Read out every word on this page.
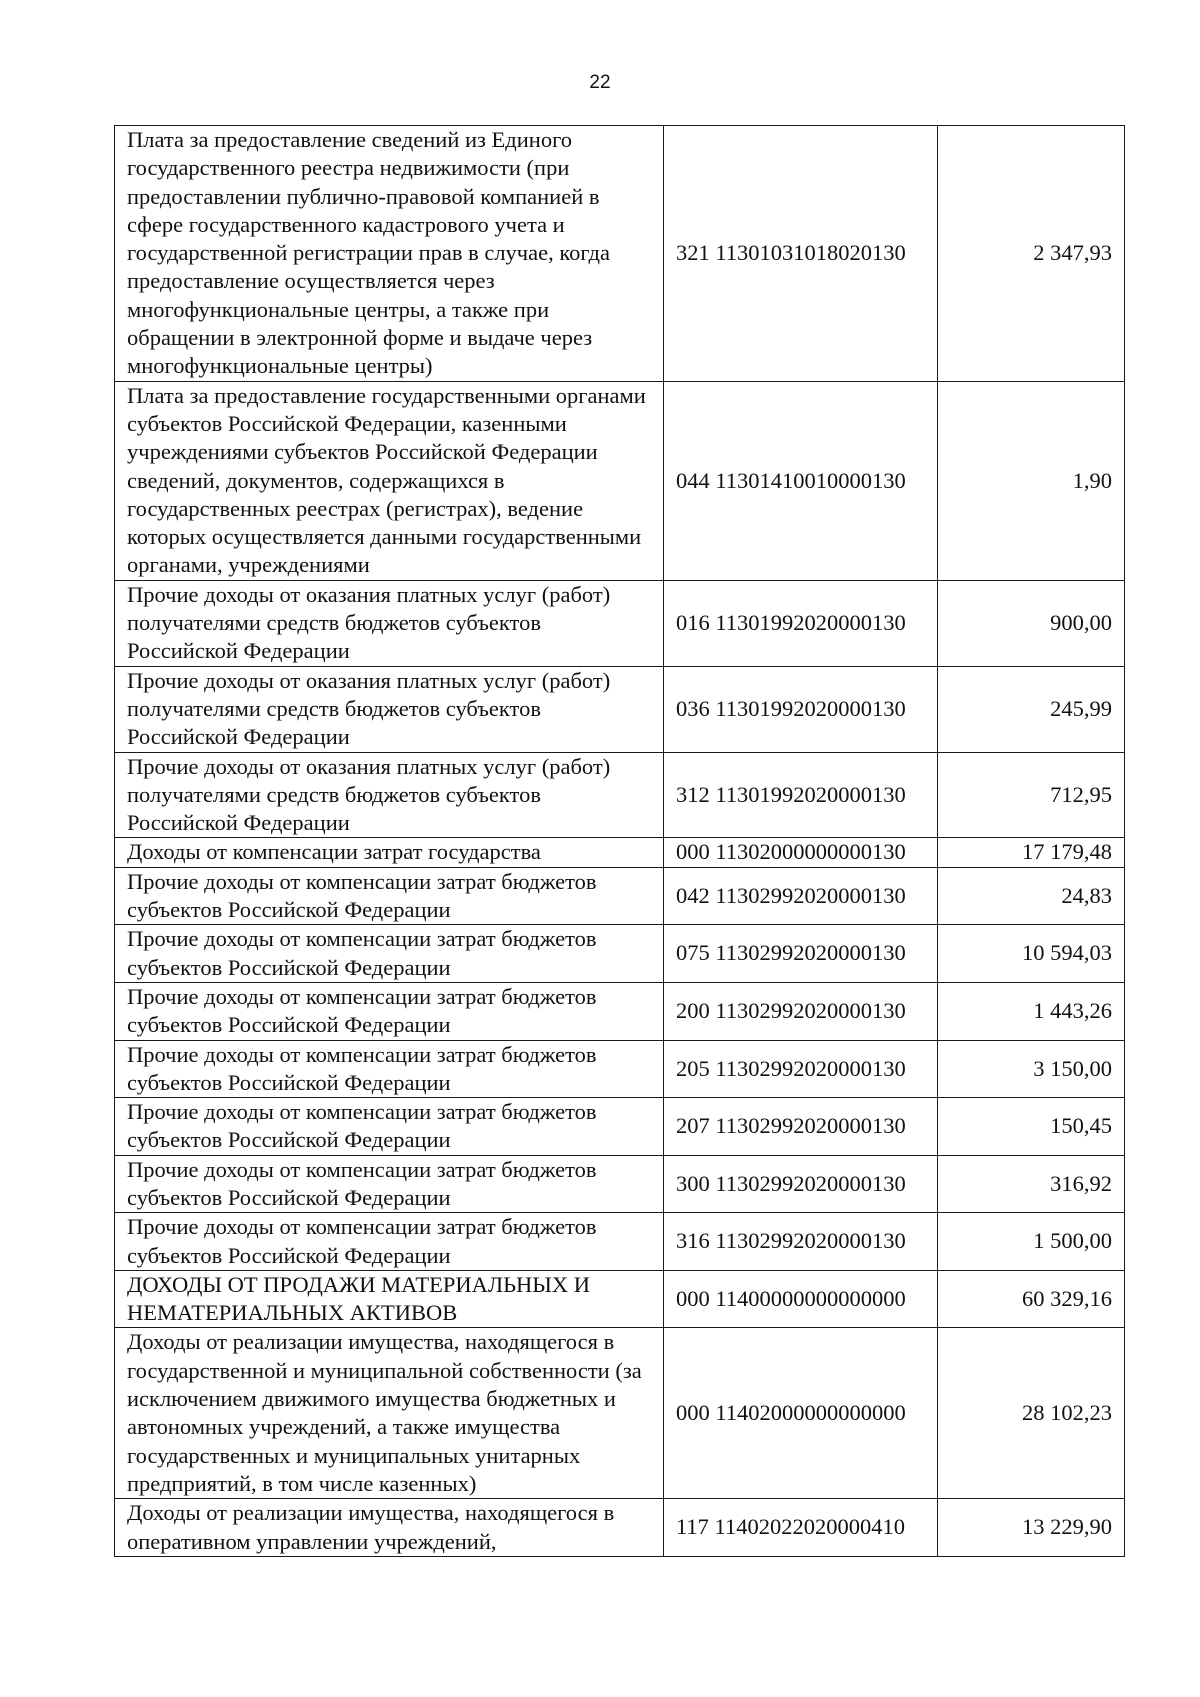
22
Плата за предоставление сведений из Единого государственного реестра недвижимости (при предоставлении публично-правовой компанией в сфере государственного кадастрового учета и государственной регистрации прав в случае, когда предоставление осуществляется через многофункциональные центры, а также при обращении в электронной форме и выдаче через многофункциональные центры)	321 11301031018020130	2 347,93
Плата за предоставление государственными органами субъектов Российской Федерации, казенными учреждениями субъектов Российской Федерации сведений, документов, содержащихся в государственных реестрах (регистрах), ведение которых осуществляется данными государственными органами, учреждениями	044 11301410010000130	1,90
Прочие доходы от оказания платных услуг (работ) получателями средств бюджетов субъектов Российской Федерации	016 11301992020000130	900,00
Прочие доходы от оказания платных услуг (работ) получателями средств бюджетов субъектов Российской Федерации	036 11301992020000130	245,99
Прочие доходы от оказания платных услуг (работ) получателями средств бюджетов субъектов Российской Федерации	312 11301992020000130	712,95
Доходы от компенсации затрат государства	000 11302000000000130	17 179,48
Прочие доходы от компенсации затрат бюджетов субъектов Российской Федерации	042 11302992020000130	24,83
Прочие доходы от компенсации затрат бюджетов субъектов Российской Федерации	075 11302992020000130	10 594,03
Прочие доходы от компенсации затрат бюджетов субъектов Российской Федерации	200 11302992020000130	1 443,26
Прочие доходы от компенсации затрат бюджетов субъектов Российской Федерации	205 11302992020000130	3 150,00
Прочие доходы от компенсации затрат бюджетов субъектов Российской Федерации	207 11302992020000130	150,45
Прочие доходы от компенсации затрат бюджетов субъектов Российской Федерации	300 11302992020000130	316,92
Прочие доходы от компенсации затрат бюджетов субъектов Российской Федерации	316 11302992020000130	1 500,00
ДОХОДЫ ОТ ПРОДАЖИ МАТЕРИАЛЬНЫХ И НЕМАТЕРИАЛЬНЫХ АКТИВОВ	000 11400000000000000	60 329,16
Доходы от реализации имущества, находящегося в государственной и муниципальной собственности (за исключением движимого имущества бюджетных и автономных учреждений, а также имущества государственных и муниципальных унитарных предприятий, в том числе казенных)	000 11402000000000000	28 102,23
Доходы от реализации имущества, находящегося в оперативном управлении учреждений,	117 11402022020000410	13 229,90
